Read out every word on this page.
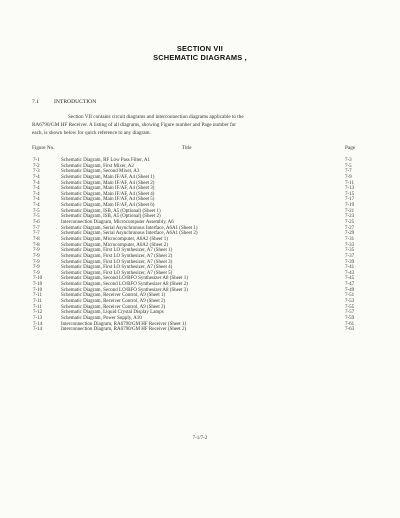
SECTION VII
SCHEMATIC DIAGRAMS ,
7.1	INTRODUCTION
Section VII contains circuit diagrams and interconnection diagrams applicable to the
RA6790/GM HF Receiver. A listing of all diagrams, showing Figure number and Page number for
each, is shown below for quick reference to any diagram.
Figure No.	Title	Page
7-1	Schematic Diagram, RF Low Pass Filter, A1	7-3
7-2	Schematic Diagram, First Mixer, A2	7-5
7-3	Schematic Diagram, Second Mixer, A3	7-7
7-4	Schematic Diagram, Main IF/AF, A4 (Sheet 1)	7-9
7-4	Schematic Diagram, Main IF/AF, A4 (Sheet 2)	7-11
7-4	Schematic Diagram, Main IF/AF, A4 (Sheet 3)	7-13
7-4	Schematic Diagram, Main IF/AF, A4 (Sheet 4)	7-15
7-4	Schematic Diagram, Main IF/AF, A4 (Sheet 5)	7-17
7-4	Schematic Diagram, Main IF/AF, A4 (Sheet 6)	7-19
7-5	Schematic Diagram, ISB, A5 (Optional) (Sheet 1)	7-21
7-5	Schematic Diagram, ISB, A5 (Optional) (Sheet 2)	7-23
7-6	Interconnection Diagram, Microcomputer Assembly, A6	7-25
7-7	Schematic Diagram, Serial Asynchronous Interface, A6A1 (Sheet 1)	7-27
7-7	Schematic Diagram, Serial Asynchronous Interface, A6A1 (Sheet 2)	7-29
7-8	Schematic Diagram, Microcomputer, A6A2 (Sheet 1)	7-31
7-8	Schematic Diagram, Microcomputer, A6A2 (Sheet 2)	7-33
7-9	Schematic Diagram, First LO Synthesizer, A7 (Sheet 1)	7-35
7-9	Schematic Diagram, First LO Synthesizer, A7 (Sheet 2)	7-37
7-9	Schematic Diagram, First LO Synthesizer, A7 (Sheet 3)	7-39
7-9	Schematic Diagram, First LO Synthesizer, A7 (Sheet 4)	7-41
7-9	Schematic Diagram, First LO Synthesizer, A7 (Sheet 5)	7-43
7-10	Schematic Diagram, Second LO/BFO Synthesizer A8 (Sheet 1)	7-45
7-10	Schematic Diagram, Second LO/BFO Synthesizer A8 (Sheet 2)	7-47
7-10	Schematic Diagram, Second LO/BFO Synthesizer A8 (Sheet 3)	7-49
7-11	Schematic Diagram, Receiver Control, A9 (Sheet 1)	7-51
7-11	Schematic Diagram, Receiver Control, A9 (Sheet 2)	7-53
7-11	Schematic Diagram, Receiver Control, A9 (Sheet 3)	7-55
7-12	Schematic Diagram, Liquid Crystal Display Lamps	7-57
7-13	Schematic Diagram, Power Supply, A10	7-59
7-14	Interconnection Diagram, RA6790/GM HF Receiver (Sheet 1)	7-61
7-14	Interconnection Diagram, RA6790/GM HF Receiver (Sheet 2)	7-63
7-1/7-2
